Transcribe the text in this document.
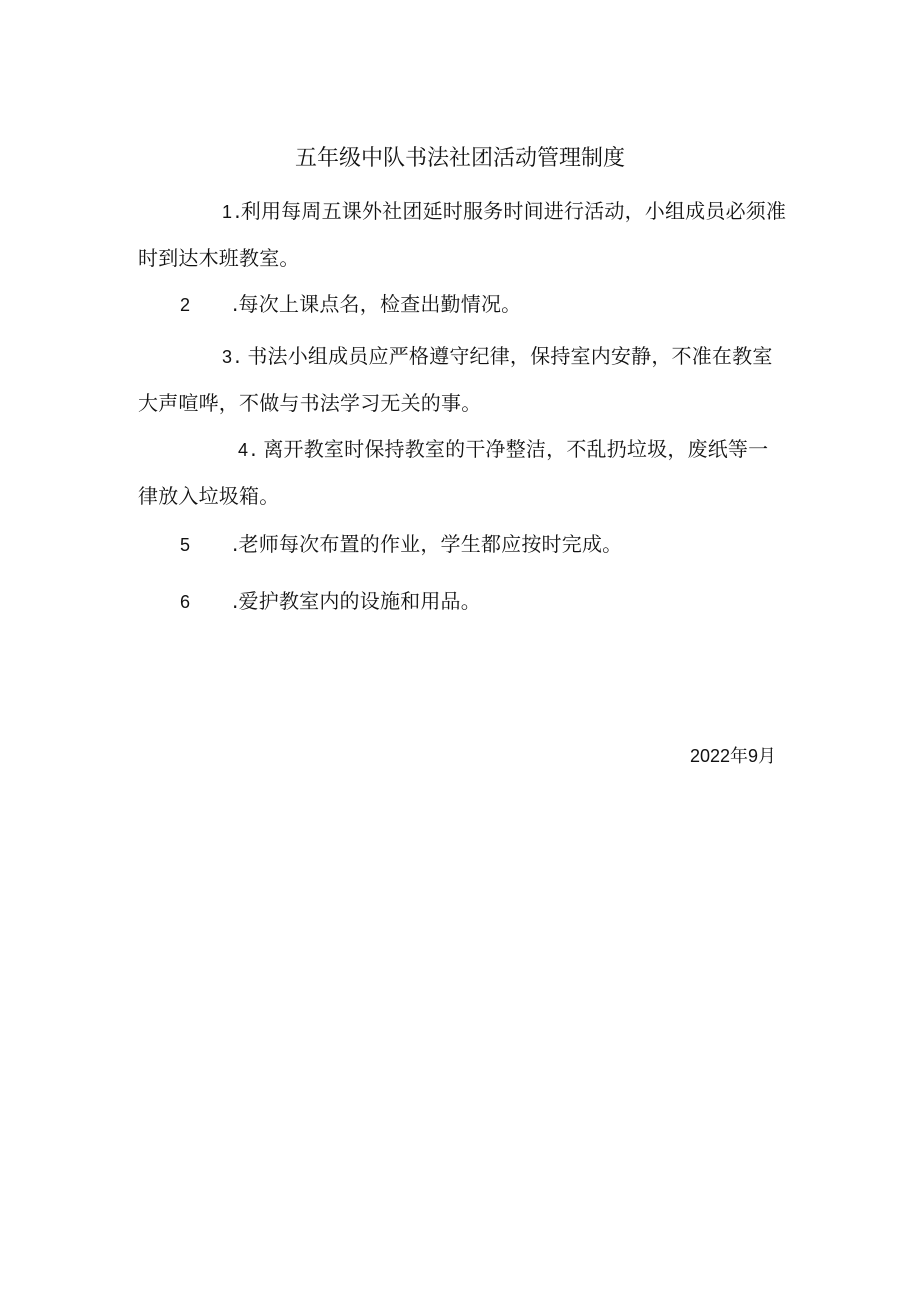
五年级中队书法社团活动管理制度
1 .利用每周五课外社团延时服务时间进行活动，小组成员必须准时到达木班教室。
2 .每次上课点名，检查出勤情况。
3 . 书法小组成员应严格遵守纪律，保持室内安静，不准在教室大声喧哗，不做与书法学习无关的事。
4 . 离开教室时保持教室的干净整洁，不乱扔垃圾，废纸等一律放入垃圾箱。
5 .老师每次布置的作业，学生都应按时完成。
6 .爱护教室内的设施和用品。
2022年9月
